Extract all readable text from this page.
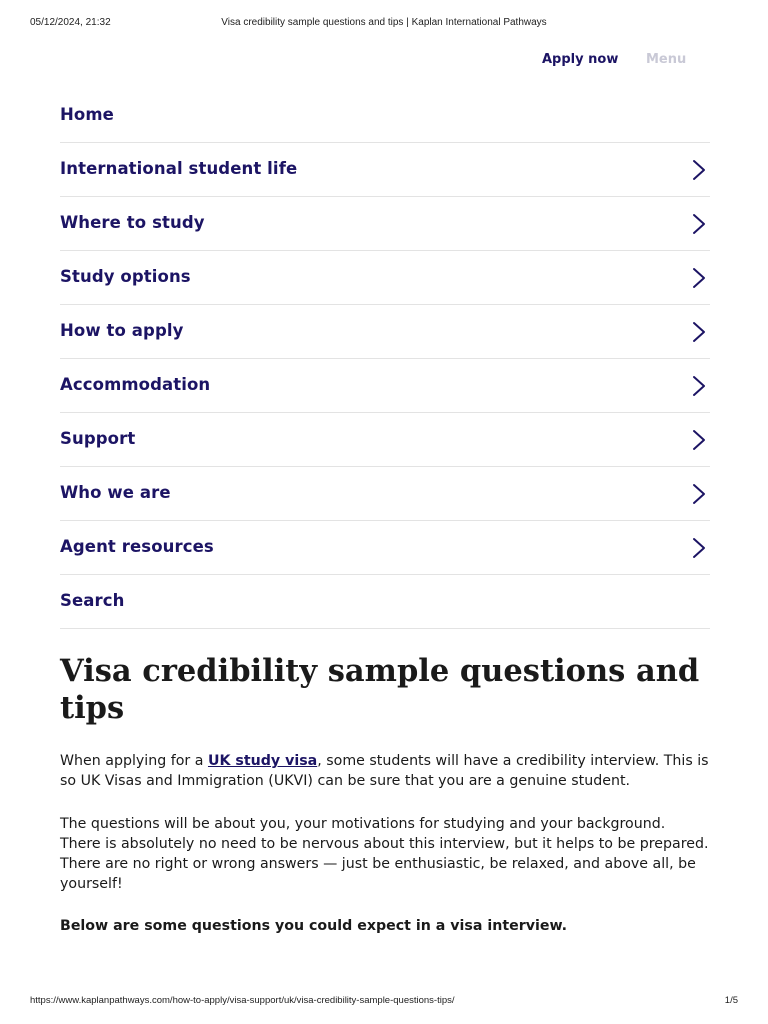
05/12/2024, 21:32	Visa credibility sample questions and tips | Kaplan International Pathways
Apply now Menu
Home
International student life
Where to study
Study options
How to apply
Accommodation
Support
Who we are
Agent resources
Search
Visa credibility sample questions and tips

When applying for a UK study visa, some students will have a credibility interview. This is so UK Visas and Immigration (UKVI) can be sure that you are a genuine student.

The questions will be about you, your motivations for studying and your background. There is absolutely no need to be nervous about this interview, but it helps to be prepared. There are no right or wrong answers — just be enthusiastic, be relaxed, and above all, be yourself!

Below are some questions you could expect in a visa interview.

https://www.kaplanpathways.com/how-to-apply/visa-support/uk/visa-credibility-sample-questions-tips/	1/5
